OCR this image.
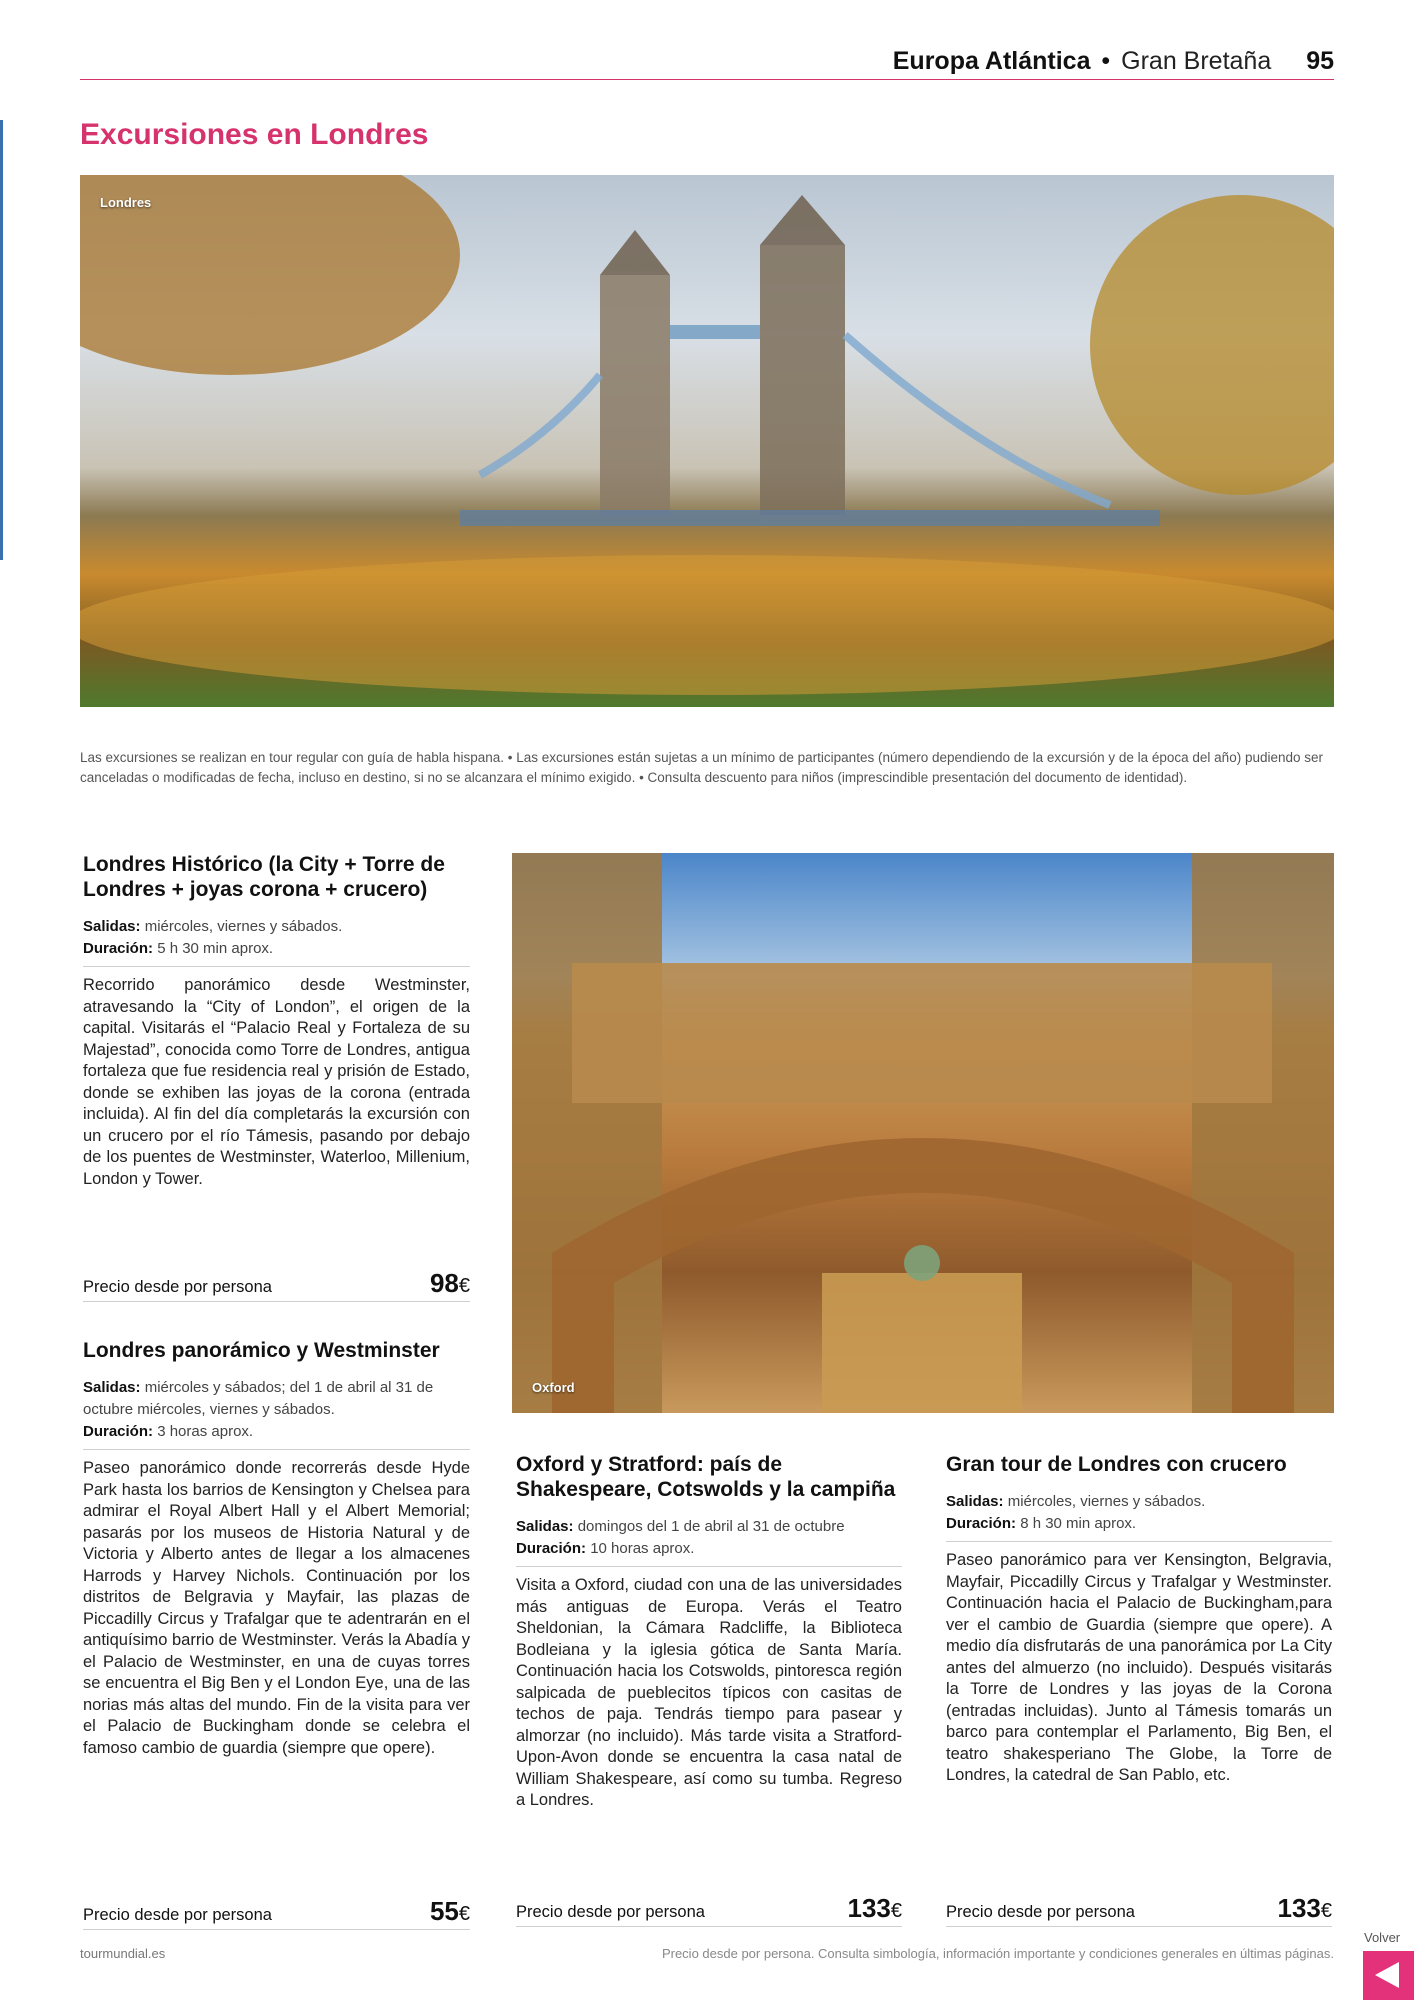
Europa Atlántica • Gran Bretaña 95
Excursiones en Londres
Londres

Las excursiones se realizan en tour regular con guía de habla hispana. • Las excursiones están sujetas a un mínimo de participantes (número dependiendo de la excursión y de la época del año) pudiendo ser canceladas o modificadas de fecha, incluso en destino, si no se alcanzara el mínimo exigido. • Consulta descuento para niños (imprescindible presentación del documento de identidad).

Londres Histórico (la City + Torre de Londres + joyas corona + crucero)
Salidas: miércoles, viernes y sábados.
Duración: 5 h 30 min aprox.

Recorrido panorámico desde Westminster, atravesando la “City of London”, el origen de la capital. Visitarás el “Palacio Real y Fortaleza de su Majestad”, conocida como Torre de Londres, antigua fortaleza que fue residencia real y prisión de Estado, donde se exhiben las joyas de la corona (entrada incluida). Al fin del día completarás la excursión con un crucero por el río Támesis, pasando por debajo de los puentes de Westminster, Waterloo, Millenium, London y Tower.

Precio desde por persona	98€
Londres panorámico y Westminster
Salidas: miércoles y sábados; del 1 de abril al 31 de octubre miércoles, viernes y sábados.
Duración: 3 horas aprox.

Paseo panorámico donde recorrerás desde Hyde Park hasta los barrios de Kensington y Chelsea para admirar el Royal Albert Hall y el Albert Memorial; pasarás por los museos de Historia Natural y de Victoria y Alberto antes de llegar a los almacenes Harrods y Harvey Nichols. Continuación por los distritos de Belgravia y Mayfair, las plazas de Piccadilly Circus y Trafalgar que te adentrarán en el antiquísimo barrio de Westminster. Verás la Abadía y el Palacio de Westminster, en una de cuyas torres se encuentra el Big Ben y el London Eye, una de las norias más altas del mundo. Fin de la visita para ver el Palacio de Buckingham donde se celebra el famoso cambio de guardia (siempre que opere).

Precio desde por persona	55€
Oxford
Oxford y Stratford: país de Shakespeare, Cotswolds y la campiña
Salidas: domingos del 1 de abril al 31 de octubre
Duración: 10 horas aprox.

Visita a Oxford, ciudad con una de las universidades más antiguas de Europa. Verás el Teatro Sheldonian, la Cámara Radcliffe, la Biblioteca Bodleiana y la iglesia gótica de Santa María. Continuación hacia los Cotswolds, pintoresca región salpicada de pueblecitos típicos con casitas de techos de paja. Tendrás tiempo para pasear y almorzar (no incluido). Más tarde visita a Stratford-Upon-Avon donde se encuentra la casa natal de William Shakespeare, así como su tumba. Regreso a Londres.

Precio desde por persona	133€
Gran tour de Londres con crucero
Salidas: miércoles, viernes y sábados.
Duración: 8 h 30 min aprox.

Paseo panorámico para ver Kensington, Belgravia, Mayfair, Piccadilly Circus y Trafalgar y Westminster. Continuación hacia el Palacio de Buckingham,para ver el cambio de Guardia (siempre que opere). A medio día disfrutarás de una panorámica por La City antes del almuerzo (no incluido). Después visitarás la Torre de Londres y las joyas de la Corona (entradas incluidas). Junto al Támesis tomarás un barco para contemplar el Parlamento, Big Ben, el teatro shakesperiano The Globe, la Torre de Londres, la catedral de San Pablo, etc.

Precio desde por persona	133€
tourmundial.es	Precio desde por persona. Consulta simbología, información importante y condiciones generales en últimas páginas.
Volver
